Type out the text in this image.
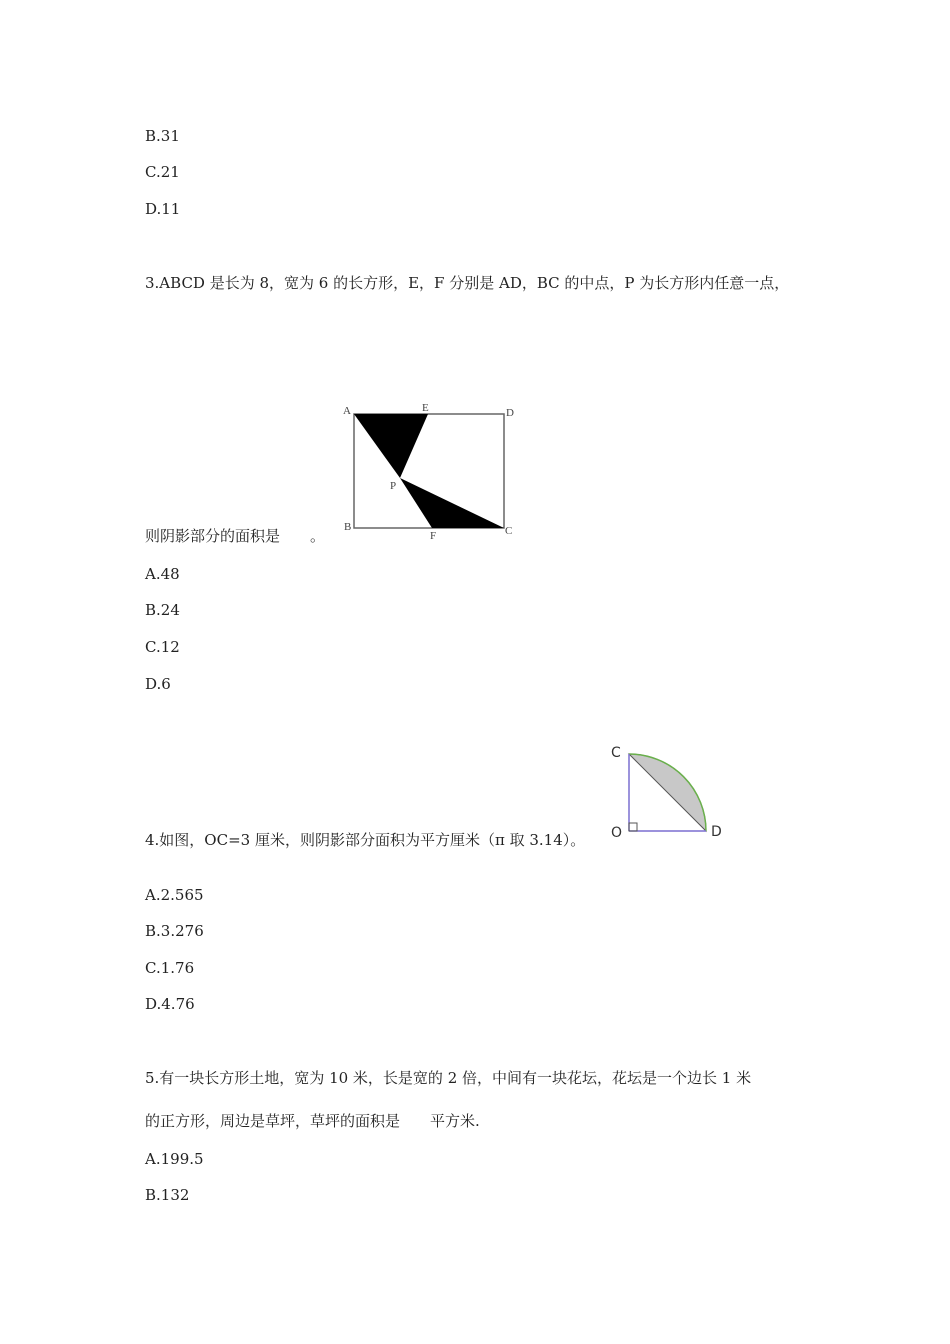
B.31
C.21
D.11
3.ABCD 是长为 8，宽为 6 的长方形，E，F 分别是 AD，BC 的中点，P 为长方形内任意一点，
A	E	D
P
B
F	C
则阴影部分的面积是　　。
A.48
B.24
C.12
D.6
C
O	D
4.如图，OC=3 厘米，则阴影部分面积为平方厘米（π 取 3.14）。
A.2.565
B.3.276
C.1.76
D.4.76
5.有一块长方形土地，宽为 10 米，长是宽的 2 倍，中间有一块花坛，花坛是一个边长 1 米
的正方形，周边是草坪，草坪的面积是　　平方米.
A.199.5
B.132
